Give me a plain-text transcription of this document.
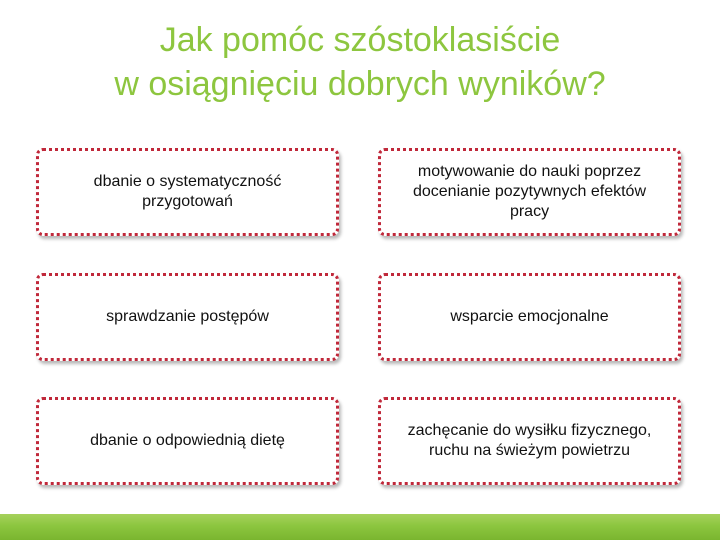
Jak pomóc szóstoklasiście
w osiągnięciu dobrych wyników?
dbanie o systematyczność przygotowań
motywowanie do nauki poprzez docenianie pozytywnych efektów pracy
sprawdzanie postępów	wsparcie emocjonalne
dbanie o odpowiednią dietę
zachęcanie do wysiłku fizycznego, ruchu na świeżym powietrzu
